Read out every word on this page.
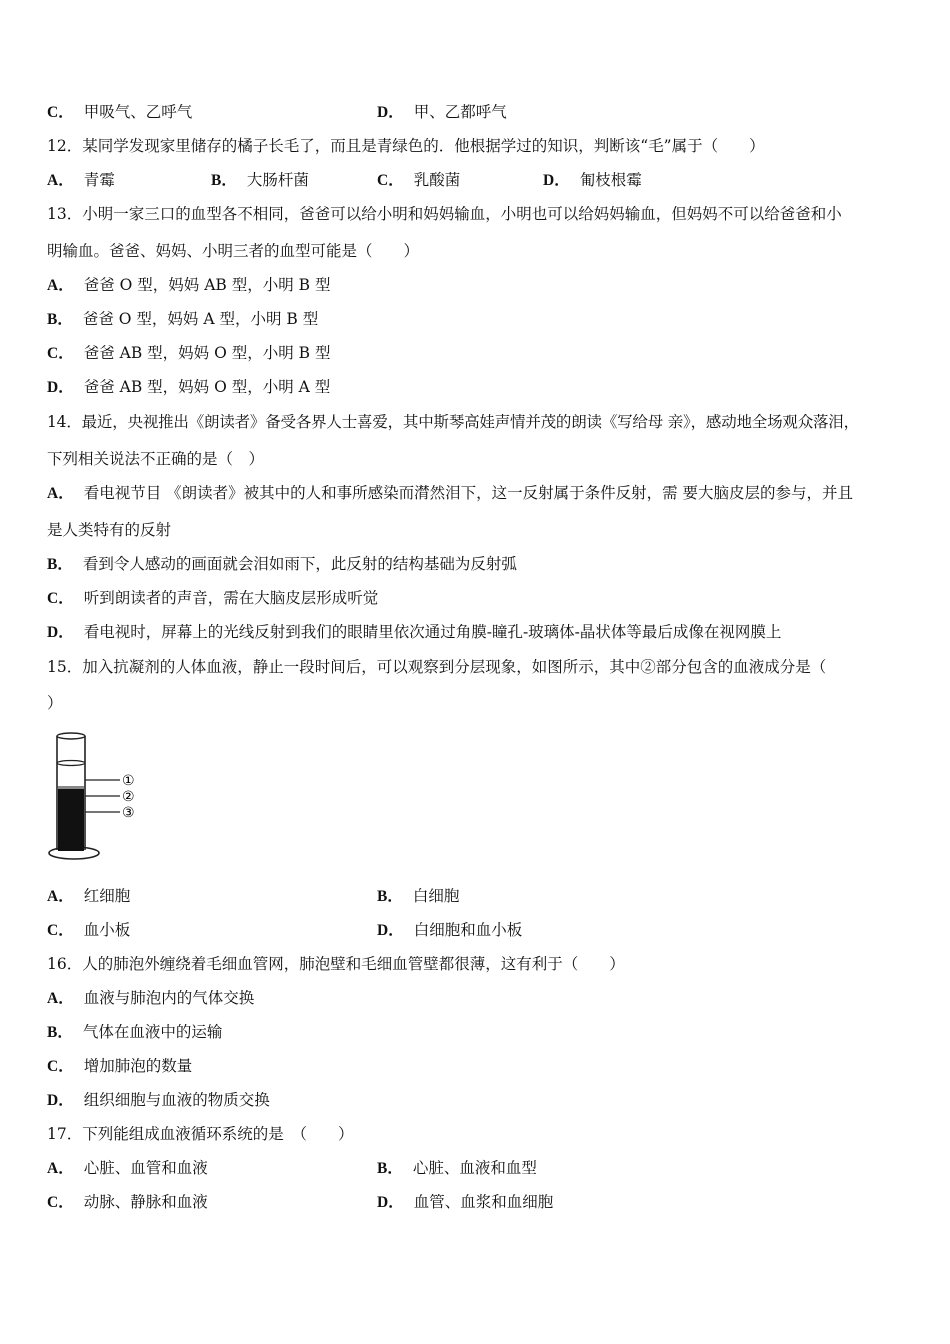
C． 甲吸气、乙呼气	D． 甲、乙都呼气
12．某同学发现家里储存的橘子长毛了，而且是青绿色的．他根据学过的知识，判断该“毛”属于（　　）
A． 青霉	B． 大肠杆菌	C． 乳酸菌	D． 匍枝根霉
13．小明一家三口的血型各不相同，爸爸可以给小明和妈妈输血，小明也可以给妈妈输血，但妈妈不可以给爸爸和小
明输血。爸爸、妈妈、小明三者的血型可能是（　　）
A． 爸爸 O 型，妈妈 AB 型，小明 B 型
B． 爸爸 O 型，妈妈 A 型，小明 B 型
C． 爸爸 AB 型，妈妈 O 型，小明 B 型
D． 爸爸 AB 型，妈妈 O 型，小明 A 型
14．最近，央视推出《朗读者》备受各界人士喜爱，其中斯琴高娃声情并茂的朗读《写给母 亲》，感动地全场观众落泪，
下列相关说法不正确的是（　）
A． 看电视节目 《朗读者》被其中的人和事所感染而潸然泪下，这一反射属于条件反射，需 要大脑皮层的参与，并且
是人类特有的反射
B． 看到令人感动的画面就会泪如雨下，此反射的结构基础为反射弧
C． 听到朗读者的声音，需在大脑皮层形成听觉
D． 看电视时，屏幕上的光线反射到我们的眼睛里依次通过角膜-瞳孔-玻璃体-晶状体等最后成像在视网膜上
15．加入抗凝剂的人体血液，静止一段时间后，可以观察到分层现象，如图所示，其中②部分包含的血液成分是（
）
①
②
③
A． 红细胞	B． 白细胞
C． 血小板	D． 白细胞和血小板
16．人的肺泡外缠绕着毛细血管网，肺泡壁和毛细血管壁都很薄，这有利于（　　）
A． 血液与肺泡内的气体交换
B． 气体在血液中的运输
C． 增加肺泡的数量
D． 组织细胞与血液的物质交换
17．下列能组成血液循环系统的是　（　　）
A． 心脏、血管和血液	B． 心脏、血液和血型
C． 动脉、静脉和血液	D． 血管、血浆和血细胞
